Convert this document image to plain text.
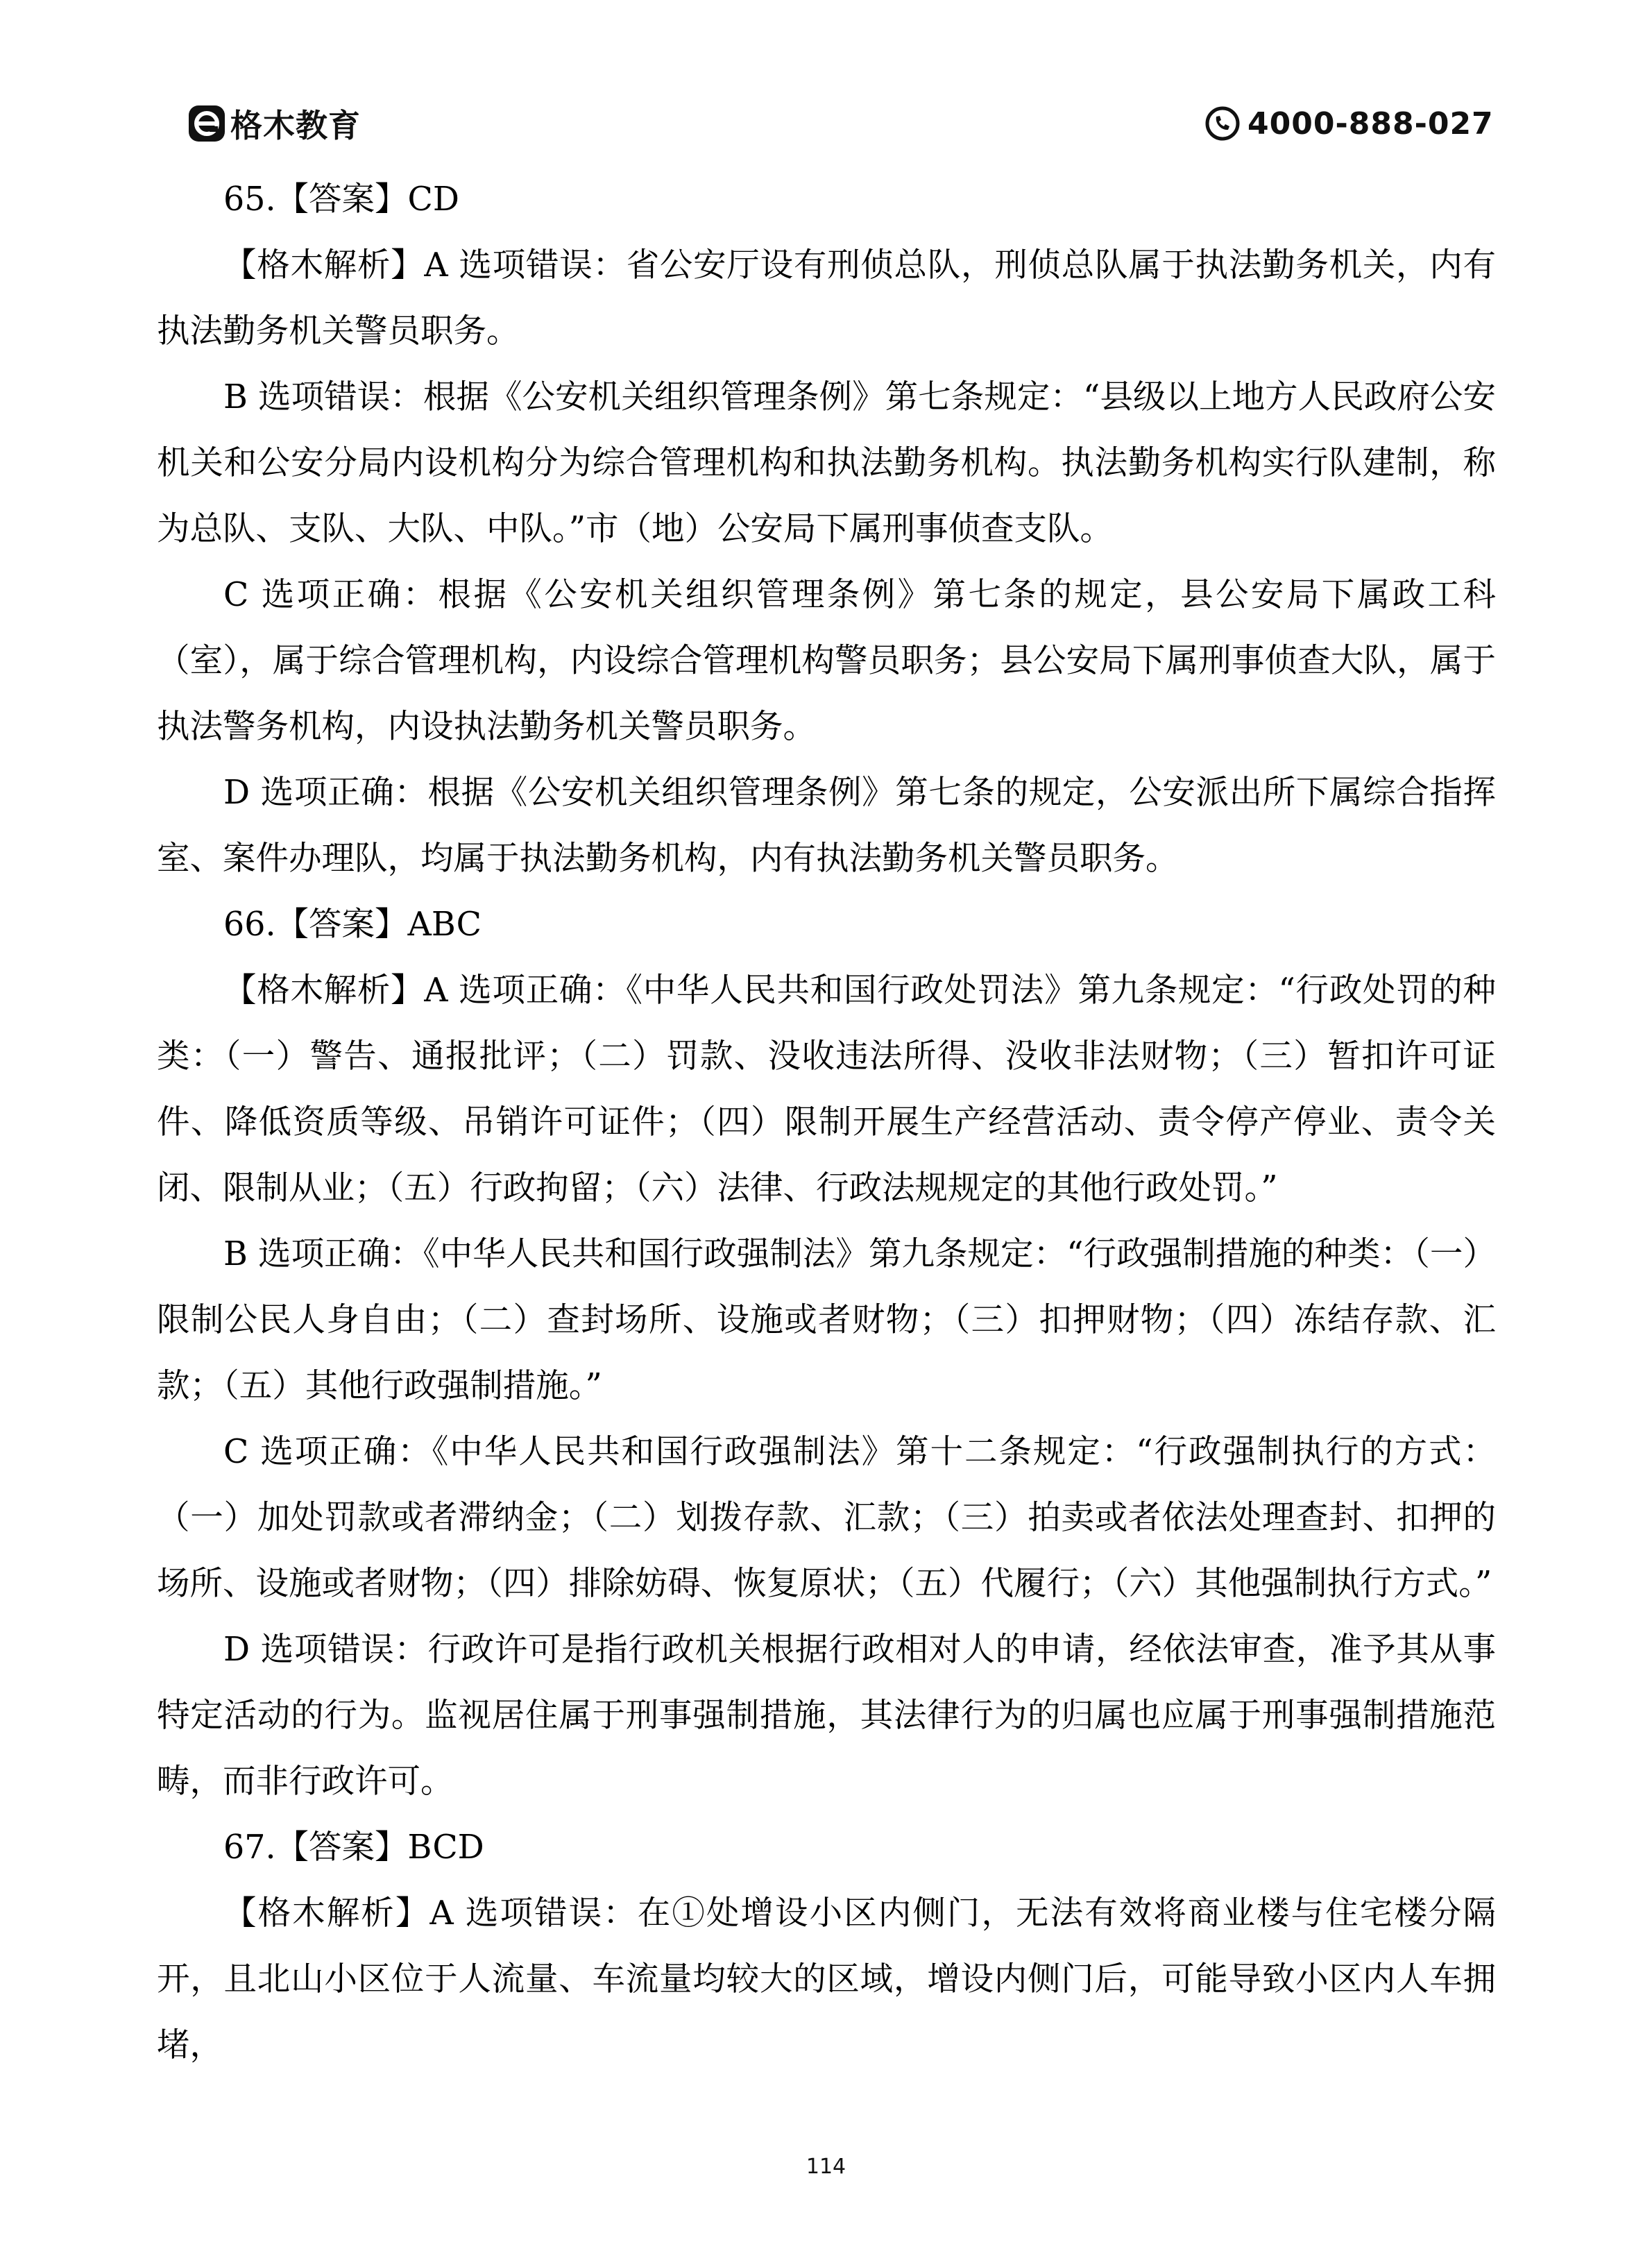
格木教育	4000-888-027

65.【答案】CD

【格木解析】A 选项错误：省公安厅设有刑侦总队，刑侦总队属于执法勤务机关，内有执法勤务机关警员职务。

B 选项错误：根据《公安机关组织管理条例》第七条规定：“县级以上地方人民政府公安机关和公安分局内设机构分为综合管理机构和执法勤务机构。执法勤务机构实行队建制，称为总队、支队、大队、中队。”市（地）公安局下属刑事侦查支队。

C 选项正确：根据《公安机关组织管理条例》第七条的规定，县公安局下属政工科（室），属于综合管理机构，内设综合管理机构警员职务；县公安局下属刑事侦查大队，属于执法警务机构，内设执法勤务机关警员职务。

D 选项正确：根据《公安机关组织管理条例》第七条的规定，公安派出所下属综合指挥室、案件办理队，均属于执法勤务机构，内有执法勤务机关警员职务。

66.【答案】ABC

【格木解析】A 选项正确：《中华人民共和国行政处罚法》第九条规定：“行政处罚的种类：（一）警告、通报批评；（二）罚款、没收违法所得、没收非法财物；（三）暂扣许可证件、降低资质等级、吊销许可证件；（四）限制开展生产经营活动、责令停产停业、责令关闭、限制从业；（五）行政拘留；（六）法律、行政法规规定的其他行政处罚。”

B 选项正确：《中华人民共和国行政强制法》第九条规定：“行政强制措施的种类：（一）限制公民人身自由；（二）查封场所、设施或者财物；（三）扣押财物；（四）冻结存款、汇款；（五）其他行政强制措施。”

C 选项正确：《中华人民共和国行政强制法》第十二条规定：“行政强制执行的方式：（一）加处罚款或者滞纳金；（二）划拨存款、汇款；（三）拍卖或者依法处理查封、扣押的场所、设施或者财物；（四）排除妨碍、恢复原状；（五）代履行；（六）其他强制执行方式。”

D 选项错误：行政许可是指行政机关根据行政相对人的申请，经依法审查，准予其从事特定活动的行为。监视居住属于刑事强制措施，其法律行为的归属也应属于刑事强制措施范畴，而非行政许可。

67.【答案】BCD

【格木解析】A 选项错误：在①处增设小区内侧门，无法有效将商业楼与住宅楼分隔开，且北山小区位于人流量、车流量均较大的区域，增设内侧门后，可能导致小区内人车拥堵，

114
